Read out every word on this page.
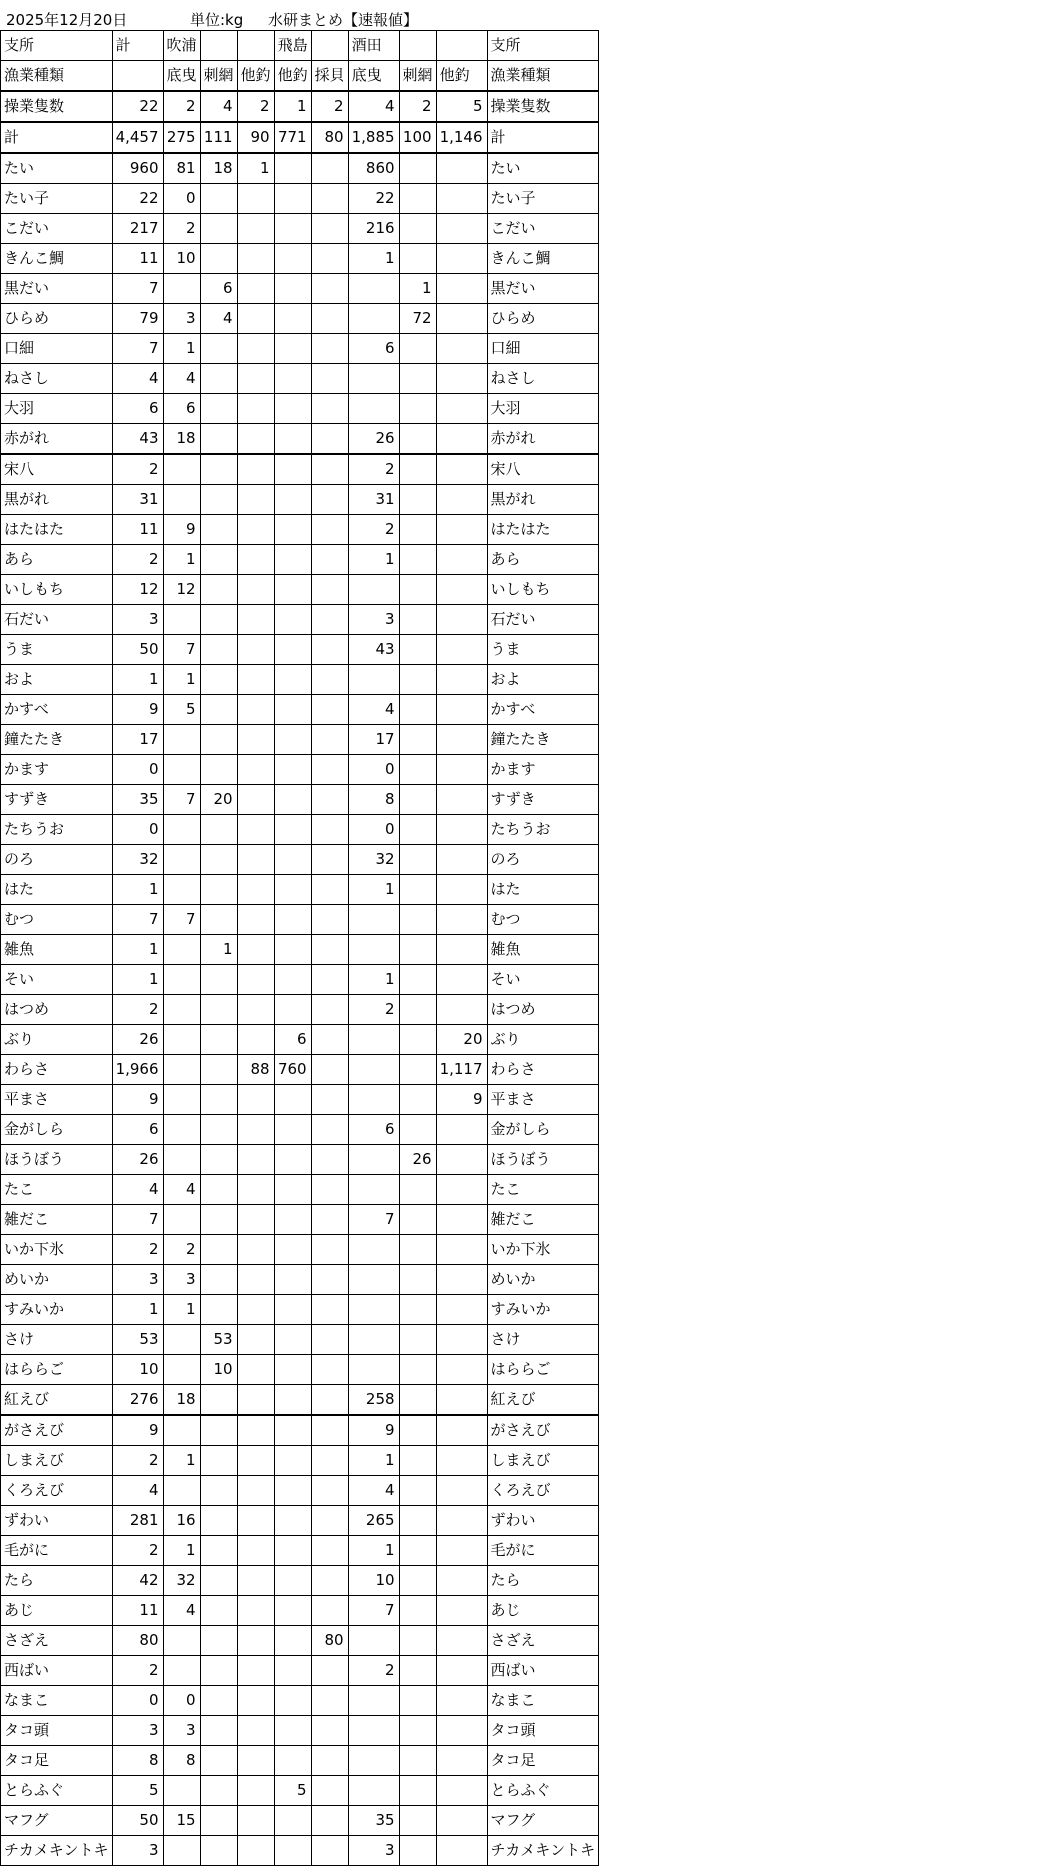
2025年12月20日	単位:kg 水研まとめ【速報値】
支所	計	吹浦			飛島		酒田			支所
漁業種類		底曳	刺網	他釣	他釣	採貝	底曳	刺網	他釣	漁業種類
操業隻数	22	2	4	2	1	2	4	2	5	操業隻数
計	4,457	275	111	90	771	80	1,885	100	1,146	計
たい	960	81	18	1			860			たい
たい子	22	0					22			たい子
こだい	217	2					216			こだい
きんこ鯛	11	10					1			きんこ鯛
黒だい	7		6					1		黒だい
ひらめ	79	3	4					72		ひらめ
口細	7	1					6			口細
ねさし	4	4								ねさし
大羽	6	6								大羽
赤がれ	43	18					26			赤がれ
宋八	2						2			宋八
黒がれ	31						31			黒がれ
はたはた	11	9					2			はたはた
あら	2	1					1			あら
いしもち	12	12								いしもち
石だい	3						3			石だい
うま	50	7					43			うま
およ	1	1								およ
かすべ	9	5					4			かすべ
鐘たたき	17						17			鐘たたき
かます	0						0			かます
すずき	35	7	20				8			すずき
たちうお	0						0			たちうお
のろ	32						32			のろ
はた	1						1			はた
むつ	7	7								むつ
雑魚	1		1							雑魚
そい	1						1			そい
はつめ	2						2			はつめ
ぶり	26				6				20	ぶり
わらさ	1,966			88	760				1,117	わらさ
平まさ	9								9	平まさ
金がしら	6						6			金がしら
ほうぼう	26							26		ほうぼう
たこ	4	4								たこ
雑だこ	7						7			雑だこ
いか下氷	2	2								いか下氷
めいか	3	3								めいか
すみいか	1	1								すみいか
さけ	53		53							さけ
はららご	10		10							はららご
紅えび	276	18					258			紅えび
がさえび	9						9			がさえび
しまえび	2	1					1			しまえび
くろえび	4						4			くろえび
ずわい	281	16					265			ずわい
毛がに	2	1					1			毛がに
たら	42	32					10			たら
あじ	11	4					7			あじ
さざえ	80					80				さざえ
西ばい	2						2			西ばい
なまこ	0	0								なまこ
タコ頭	3	3								タコ頭
タコ足	8	8								タコ足
とらふぐ	5				5					とらふぐ
マフグ	50	15					35			マフグ
チカメキントキ	3						3			チカメキントキ
